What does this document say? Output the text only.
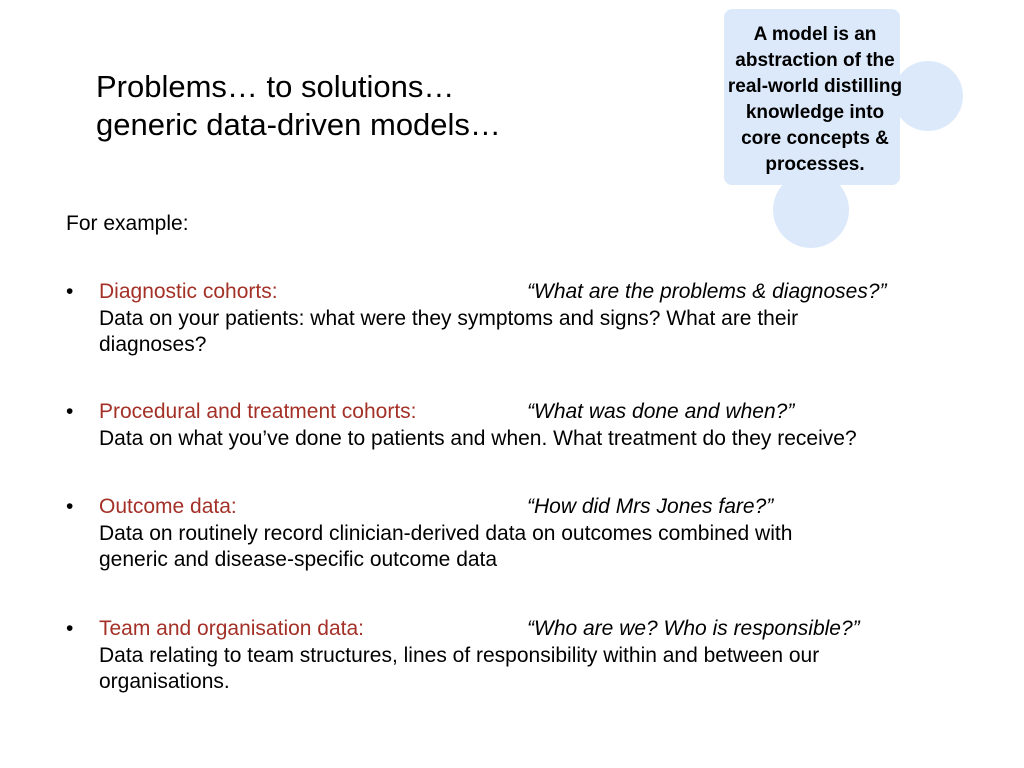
Problems… to solutions…
generic data-driven models…
A model is an
abstraction of the
real-world distilling
knowledge into
core concepts &
processes.

For example:

• Diagnostic cohorts:	“What are the problems & diagnoses?”
Data on your patients: what were they symptoms and signs? What are their
diagnoses?
• Procedural and treatment cohorts:	“What was done and when?”
Data on what you’ve done to patients and when. What treatment do they receive?
• Outcome data:	“How did Mrs Jones fare?”
Data on routinely record clinician-derived data on outcomes combined with
generic and disease-specific outcome data
• Team and organisation data:	“Who are we? Who is responsible?”
Data relating to team structures, lines of responsibility within and between our
organisations.
